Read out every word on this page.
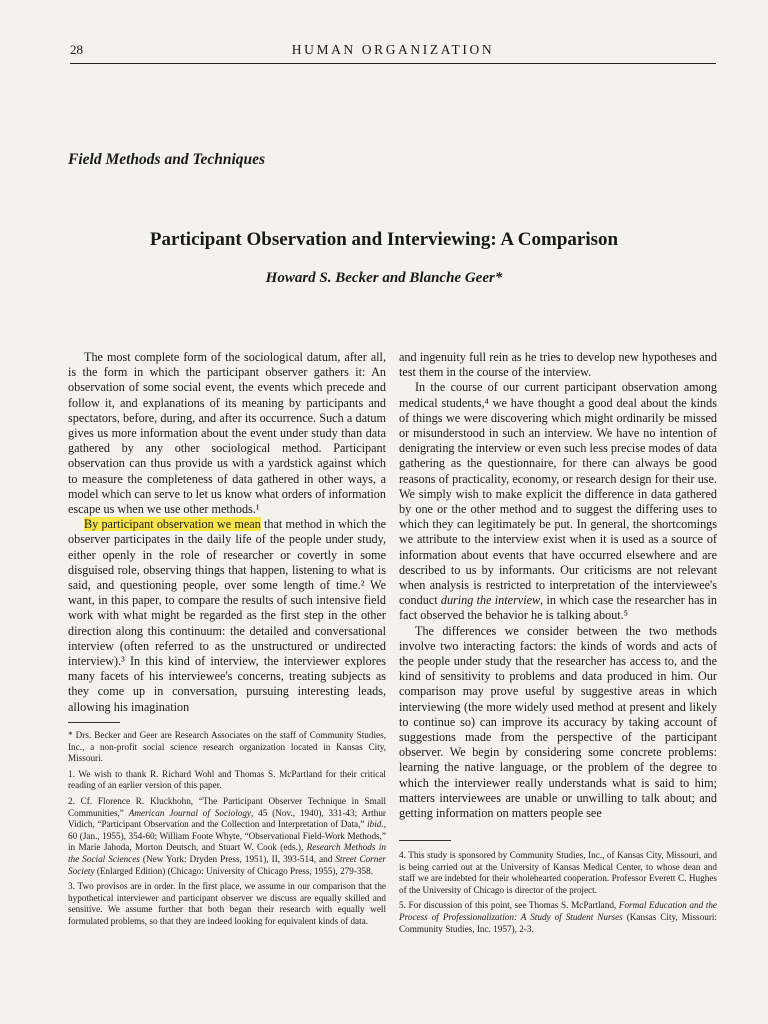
28	HUMAN ORGANIZATION
Field Methods and Techniques
Participant Observation and Interviewing: A Comparison
Howard S. Becker and Blanche Geer*

The most complete form of the sociological datum, after all, is the form in which the participant observer gathers it: An observation of some social event, the events which precede and follow it, and explanations of its meaning by participants and spectators, before, during, and after its occurrence. Such a datum gives us more information about the event under study than data gathered by any other sociological method. Participant observation can thus provide us with a yardstick against which to measure the completeness of data gathered in other ways, a model which can serve to let us know what orders of information escape us when we use other methods.¹

By participant observation we mean that method in which the observer participates in the daily life of the people under study, either openly in the role of researcher or covertly in some disguised role, observing things that happen, listening to what is said, and questioning people, over some length of time.² We want, in this paper, to compare the results of such intensive field work with what might be regarded as the first step in the other direction along this continuum: the detailed and conversational interview (often referred to as the unstructured or undirected interview).³ In this kind of interview, the interviewer explores many facets of his interviewee's concerns, treating subjects as they come up in conversation, pursuing interesting leads, allowing his imagination

and ingenuity full rein as he tries to develop new hypotheses and test them in the course of the interview.

In the course of our current participant observation among medical students,⁴ we have thought a good deal about the kinds of things we were discovering which might ordinarily be missed or misunderstood in such an interview. We have no intention of denigrating the interview or even such less precise modes of data gathering as the questionnaire, for there can always be good reasons of practicality, economy, or research design for their use. We simply wish to make explicit the difference in data gathered by one or the other method and to suggest the differing uses to which they can legitimately be put. In general, the shortcomings we attribute to the interview exist when it is used as a source of information about events that have occurred elsewhere and are described to us by informants. Our criticisms are not relevant when analysis is restricted to interpretation of the interviewee's conduct during the interview, in which case the researcher has in fact observed the behavior he is talking about.⁵

The differences we consider between the two methods involve two interacting factors: the kinds of words and acts of the people under study that the researcher has access to, and the kind of sensitivity to problems and data produced in him. Our comparison may prove useful by suggestive areas in which interviewing (the more widely used method at present and likely to continue so) can improve its accuracy by taking account of suggestions made from the perspective of the participant observer. We begin by considering some concrete problems: learning the native language, or the problem of the degree to which the interviewer really understands what is said to him; matters interviewees are unable or unwilling to talk about; and getting information on matters people see

* Drs. Becker and Geer are Research Associates on the staff of Community Studies, Inc., a non-profit social science research organization located in Kansas City, Missouri.

1. We wish to thank R. Richard Wohl and Thomas S. McPartland for their critical reading of an earlier version of this paper.

2. Cf. Florence R. Kluckhohn, “The Participant Observer Technique in Small Communities,” American Journal of Sociology, 45 (Nov., 1940), 331-43; Arthur Vidich, “Participant Observation and the Collection and Interpretation of Data,” ibid., 60 (Jan., 1955), 354-60; William Foote Whyte, “Observational Field-Work Methods,” in Marie Jahoda, Morton Deutsch, and Stuart W. Cook (eds.), Research Methods in the Social Sciences (New York: Dryden Press, 1951), II, 393-514, and Street Corner Society (Enlarged Edition) (Chicago: University of Chicago Press, 1955), 279-358.

3. Two provisos are in order. In the first place, we assume in our comparison that the hypothetical interviewer and participant observer we discuss are equally skilled and sensitive. We assume further that both began their research with equally well formulated problems, so that they are indeed looking for equivalent kinds of data.

4. This study is sponsored by Community Studies, Inc., of Kansas City, Missouri, and is being carried out at the University of Kansas Medical Center, to whose dean and staff we are indebted for their wholehearted cooperation. Professor Everett C. Hughes of the University of Chicago is director of the project.

5. For discussion of this point, see Thomas S. McPartland, Formal Education and the Process of Professionalization: A Study of Student Nurses (Kansas City, Missouri: Community Studies, Inc. 1957), 2-3.
